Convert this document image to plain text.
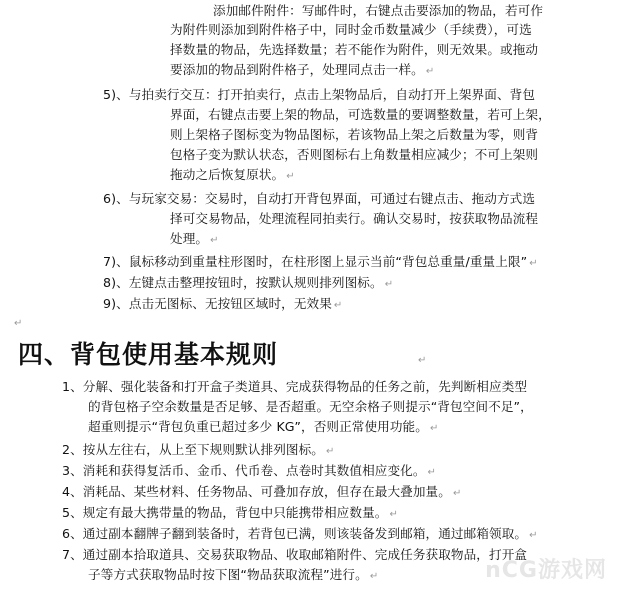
添加邮件附件：写邮件时，右键点击要添加的物品，若可作
为附件则添加到附件格子中，同时金币数量减少（手续费），可选
择数量的物品，先选择数量；若不能作为附件，则无效果。或拖动
要添加的物品到附件格子，处理同点击一样。 ↵
5)、与拍卖行交互：打开拍卖行，点击上架物品后，自动打开上架界面、背包
界面，右键点击要上架的物品，可选数量的要调整数量，若可上架，
则上架格子图标变为物品图标，若该物品上架之后数量为零，则背
包格子变为默认状态，否则图标右上角数量相应减少；不可上架则
拖动之后恢复原状。 ↵
6)、与玩家交易：交易时，自动打开背包界面，可通过右键点击、拖动方式选
择可交易物品，处理流程同拍卖行。确认交易时，按获取物品流程
处理。 ↵
7)、鼠标移动到重量柱形图时，在柱形图上显示当前“背包总重量/重量上限” ↵
8)、左键点击整理按钮时，按默认规则排列图标。 ↵
9)、点击无图标、无按钮区域时，无效果 ↵
↵
四、背包使用基本规则	↵
1、分解、强化装备和打开盒子类道具、完成获得物品的任务之前，先判断相应类型
的背包格子空余数量是否足够、是否超重。无空余格子则提示“背包空间不足”，
超重则提示“背包负重已超过多少 KG”，否则正常使用功能。 ↵
2、按从左往右，从上至下规则默认排列图标。 ↵
3、消耗和获得复活币、金币、代币卷、点卷时其数值相应变化。 ↵
4、消耗品、某些材料、任务物品、可叠加存放，但存在最大叠加量。 ↵
5、规定有最大携带量的物品，背包中只能携带相应数量。 ↵
6、通过副本翻牌子翻到装备时，若背包已满，则该装备发到邮箱，通过邮箱领取。 ↵
7、通过副本拾取道具、交易获取物品、收取邮箱附件、完成任务获取物品，打开盒
子等方式获取物品时按下图“物品获取流程”进行。 ↵	nCG游戏网
